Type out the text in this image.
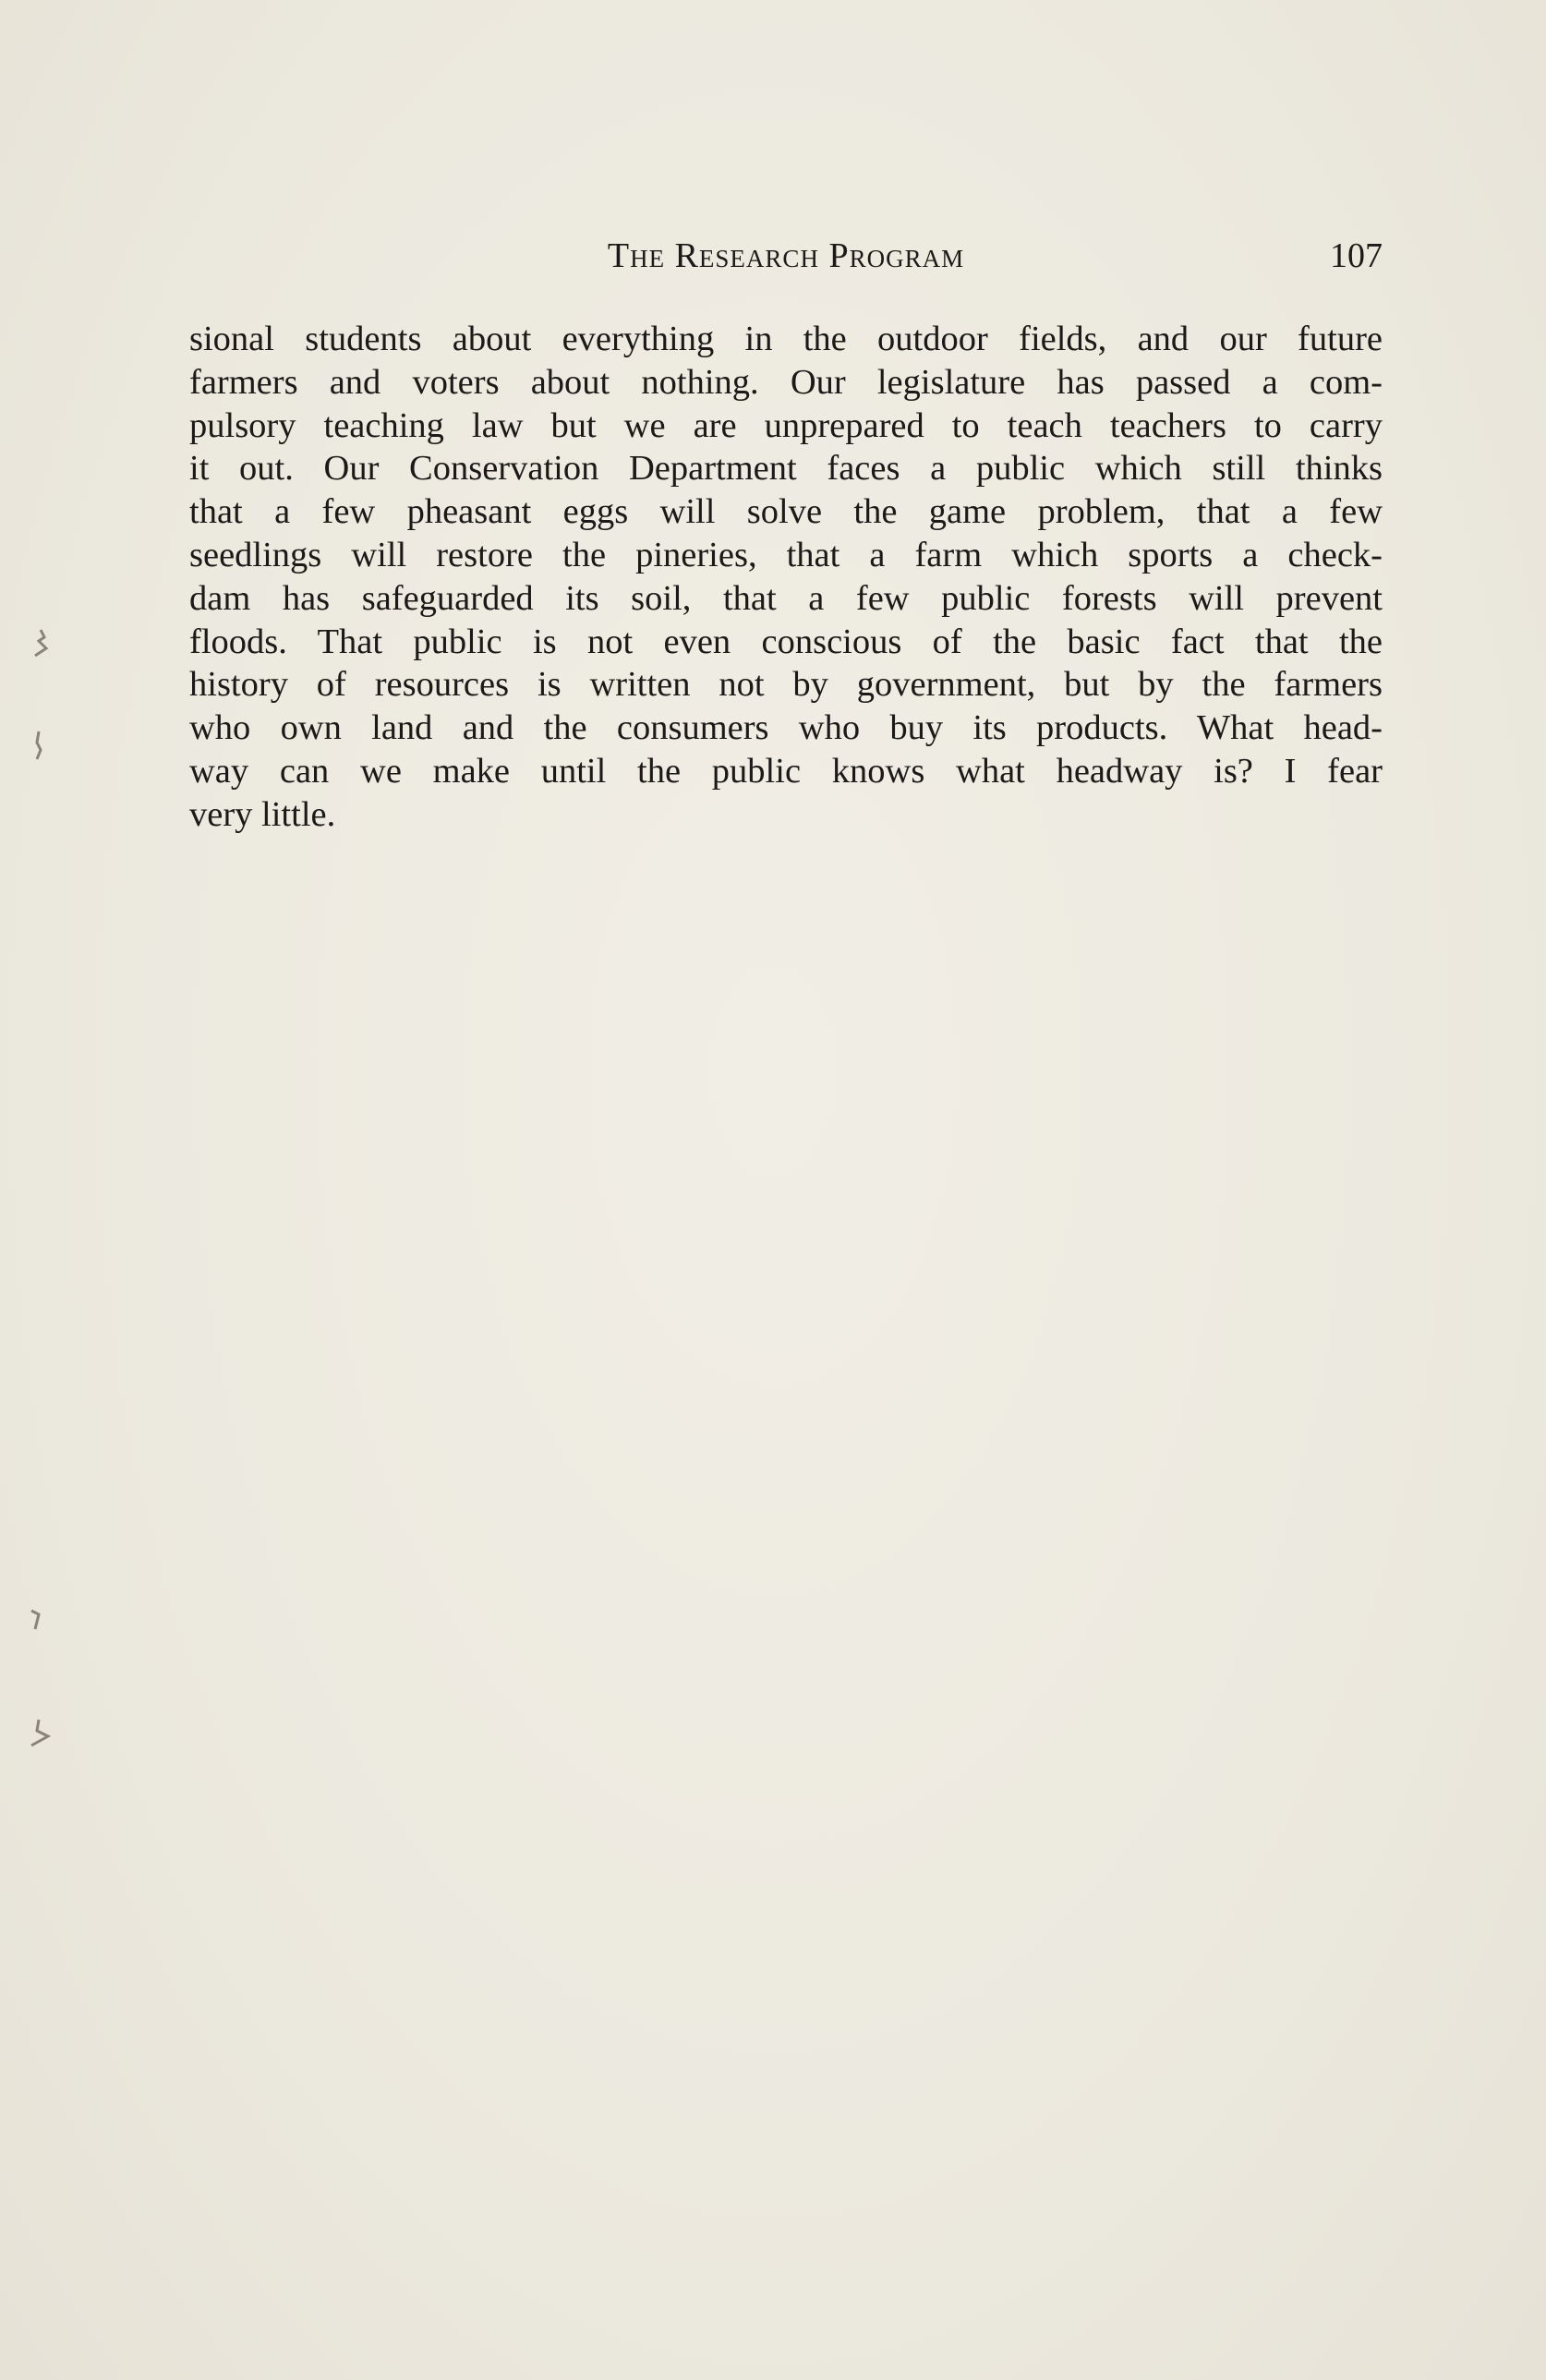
The Research Program	107
sional students about everything in the outdoor fields, and our future
farmers and voters about nothing. Our legislature has passed a com-
pulsory teaching law but we are unprepared to teach teachers to carry
it out. Our Conservation Department faces a public which still thinks
that a few pheasant eggs will solve the game problem, that a few
seedlings will restore the pineries, that a farm which sports a check-
dam has safeguarded its soil, that a few public forests will prevent
floods. That public is not even conscious of the basic fact that the
history of resources is written not by government, but by the farmers
who own land and the consumers who buy its products. What head-
way can we make until the public knows what headway is? I fear
very little.
